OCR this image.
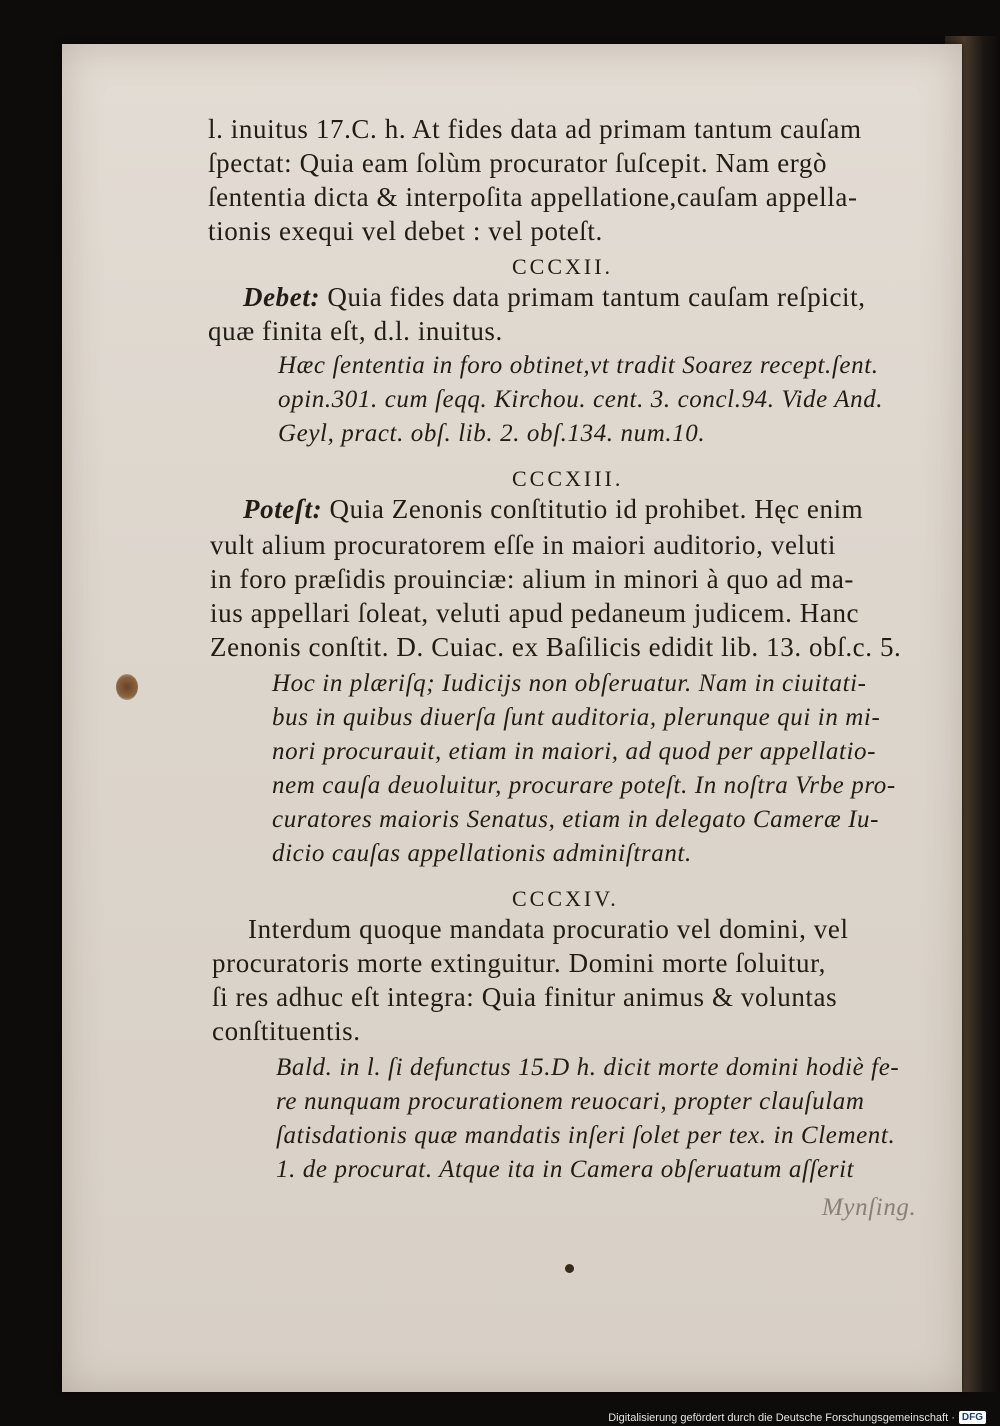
l. inuitus 17.C. h. At fides data ad primam tantum cauſam
ſpectat: Quia eam ſolùm procurator ſuſcepit. Nam ergò
ſententia dicta & interpoſita appellatione,cauſam appella-
tionis exequi vel debet : vel poteſt.
CCCXII.
Debet: Quia fides data primam tantum cauſam reſpicit,
quæ finita eſt, d.l. inuitus.
Hæc ſententia in foro obtinet,vt tradit Soarez recept.ſent.
opin.301. cum ſeqq. Kirchou. cent. 3. concl.94. Vide And.
Geyl, pract. obſ. lib. 2. obſ.134. num.10.
CCCXIII.
Poteſt: Quia Zenonis conſtitutio id prohibet. Hęc enim
vult alium procuratorem eſſe in maiori auditorio, veluti
in foro præſidis prouinciæ: alium in minori à quo ad ma-
ius appellari ſoleat, veluti apud pedaneum judicem. Hanc
Zenonis conſtit. D. Cuiac. ex Baſilicis edidit lib. 13. obſ.c. 5.
Hoc in plæriſq; Iudicijs non obſeruatur. Nam in ciuitati-
bus in quibus diuerſa ſunt auditoria, plerunque qui in mi-
nori procurauit, etiam in maiori, ad quod per appellatio-
nem cauſa deuoluitur, procurare poteſt. In noſtra Vrbe pro-
curatores maioris Senatus, etiam in delegato Cameræ Iu-
dicio cauſas appellationis adminiſtrant.
CCCXIV.
Interdum quoque mandata procuratio vel domini, vel
procuratoris morte extinguitur. Domini morte ſoluitur,
ſi res adhuc eſt integra: Quia finitur animus & voluntas
conſtituentis.
Bald. in l. ſi defunctus 15.D h. dicit morte domini hodiè fe-
re nunquam procurationem reuocari, propter clauſulam
ſatisdationis quæ mandatis inſeri ſolet per tex. in Clement.
1. de procurat. Atque ita in Camera obſeruatum aſſerit
Mynſing.
Digitalisierung gefördert durch die Deutsche Forschungsgemeinschaft · DFG
